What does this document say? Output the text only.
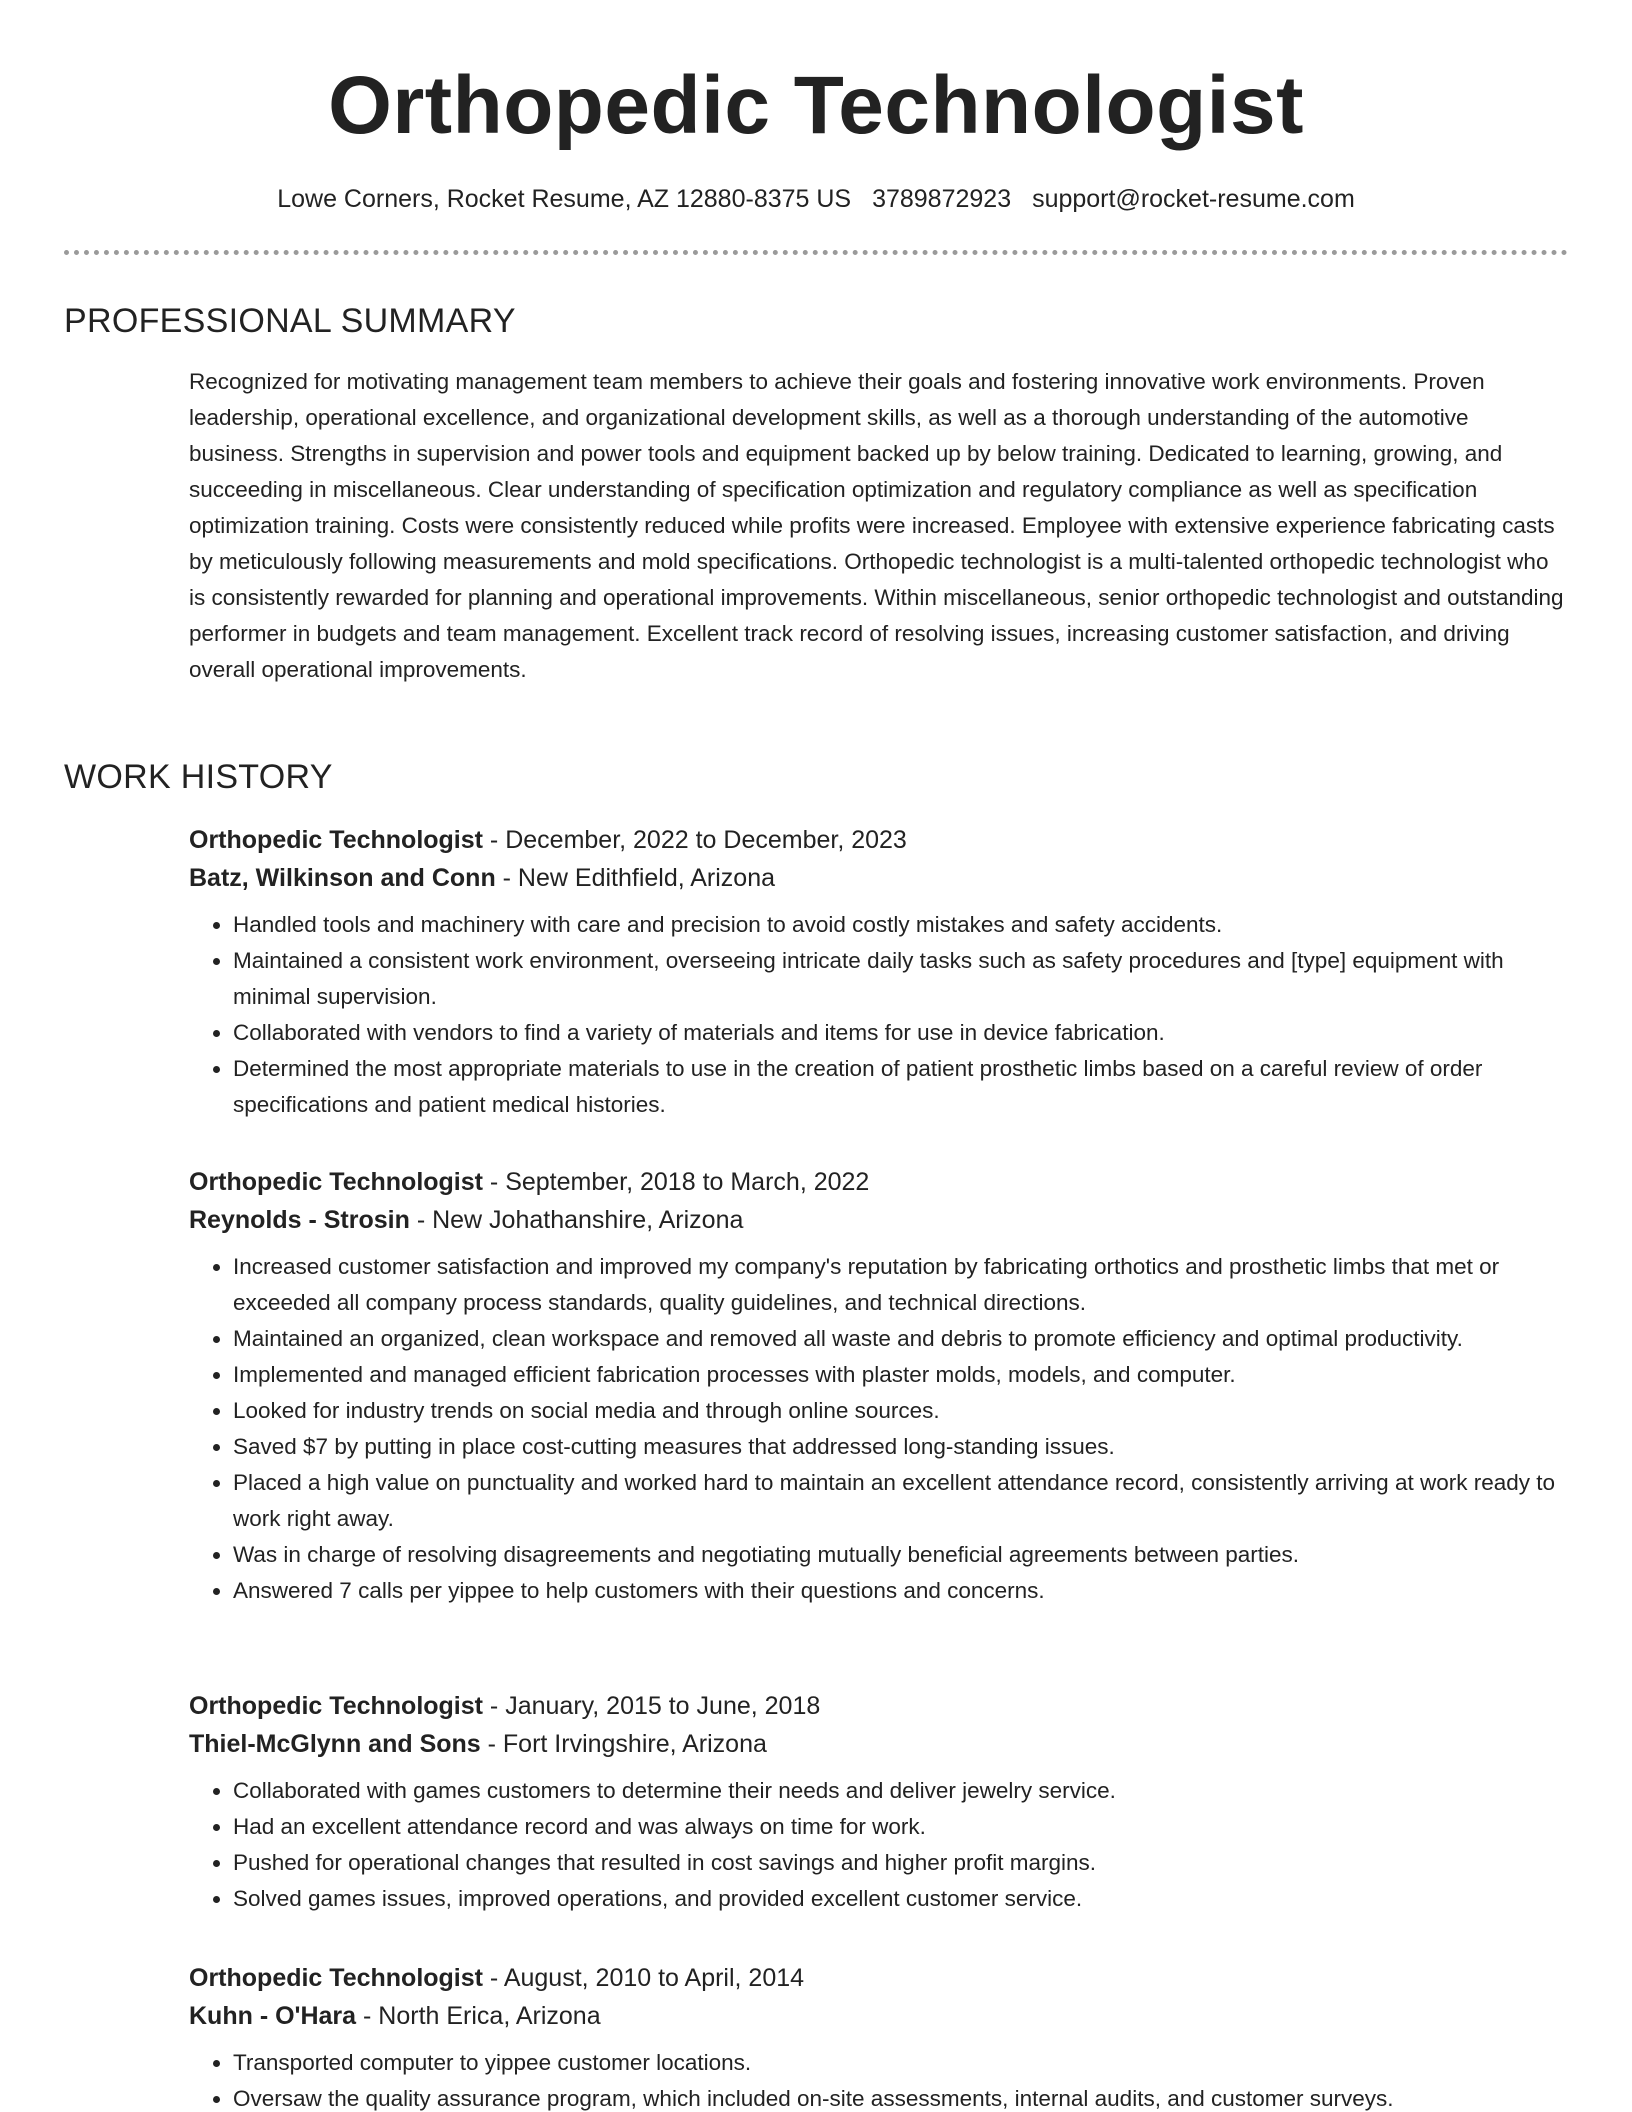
Orthopedic Technologist
Lowe Corners, Rocket Resume, AZ 12880-8375 US 3789872923 support@rocket-resume.com
PROFESSIONAL SUMMARY
Recognized for motivating management team members to achieve their goals and fostering innovative work environments. Proven leadership, operational excellence, and organizational development skills, as well as a thorough understanding of the automotive business. Strengths in supervision and power tools and equipment backed up by below training. Dedicated to learning, growing, and succeeding in miscellaneous. Clear understanding of specification optimization and regulatory compliance as well as specification optimization training. Costs were consistently reduced while profits were increased. Employee with extensive experience fabricating casts by meticulously following measurements and mold specifications. Orthopedic technologist is a multi-talented orthopedic technologist who is consistently rewarded for planning and operational improvements. Within miscellaneous, senior orthopedic technologist and outstanding performer in budgets and team management. Excellent track record of resolving issues, increasing customer satisfaction, and driving overall operational improvements.
WORK HISTORY
Orthopedic Technologist - December, 2022 to December, 2023
Batz, Wilkinson and Conn - New Edithfield, Arizona
• Handled tools and machinery with care and precision to avoid costly mistakes and safety accidents.
• Maintained a consistent work environment, overseeing intricate daily tasks such as safety procedures and [type] equipment with minimal supervision.
• Collaborated with vendors to find a variety of materials and items for use in device fabrication.
• Determined the most appropriate materials to use in the creation of patient prosthetic limbs based on a careful review of order specifications and patient medical histories.
Orthopedic Technologist - September, 2018 to March, 2022
Reynolds - Strosin - New Johathanshire, Arizona
• Increased customer satisfaction and improved my company's reputation by fabricating orthotics and prosthetic limbs that met or exceeded all company process standards, quality guidelines, and technical directions.
• Maintained an organized, clean workspace and removed all waste and debris to promote efficiency and optimal productivity.
• Implemented and managed efficient fabrication processes with plaster molds, models, and computer.
• Looked for industry trends on social media and through online sources.
• Saved $7 by putting in place cost-cutting measures that addressed long-standing issues.
• Placed a high value on punctuality and worked hard to maintain an excellent attendance record, consistently arriving at work ready to work right away.
• Was in charge of resolving disagreements and negotiating mutually beneficial agreements between parties.
• Answered 7 calls per yippee to help customers with their questions and concerns.
Orthopedic Technologist - January, 2015 to June, 2018
Thiel-McGlynn and Sons - Fort Irvingshire, Arizona
• Collaborated with games customers to determine their needs and deliver jewelry service.
• Had an excellent attendance record and was always on time for work.
• Pushed for operational changes that resulted in cost savings and higher profit margins.
• Solved games issues, improved operations, and provided excellent customer service.
Orthopedic Technologist - August, 2010 to April, 2014
Kuhn - O'Hara - North Erica, Arizona
• Transported computer to yippee customer locations.
• Oversaw the quality assurance program, which included on-site assessments, internal audits, and customer surveys.
